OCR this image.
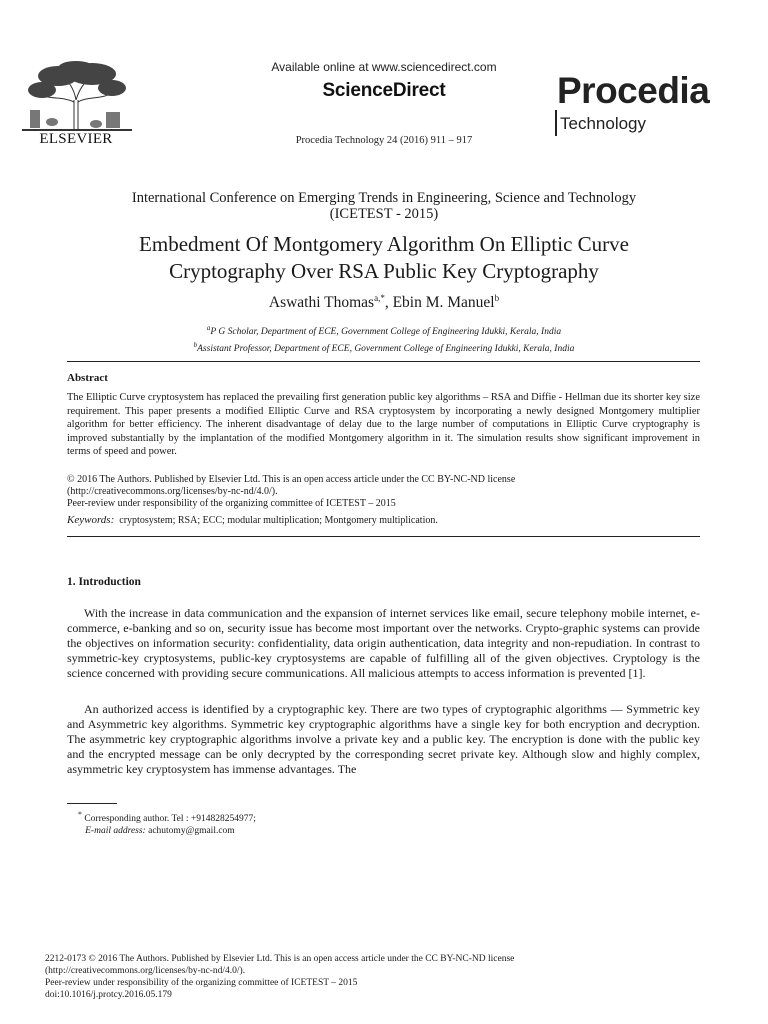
ELSEVIER
Available online at www.sciencedirect.com
ScienceDirect
Procedia Technology 24 (2016) 911 – 917
Procedia
Technology
International Conference on Emerging Trends in Engineering, Science and Technology
(ICETEST - 2015)
Embedment Of Montgomery Algorithm On Elliptic Curve
Cryptography Over RSA Public Key Cryptography
Aswathi Thomas$^{a,*}$, Ebin M. Manuel$^b$
$^a$P G Scholar, Department of ECE, Government College of Engineering Idukki, Kerala, India
$^b$Assistant Professor, Department of ECE, Government College of Engineering Idukki, Kerala, India
Abstract
The Elliptic Curve cryptosystem has replaced the prevailing first generation public key algorithms – RSA and Diffie - Hellman due its shorter key size requirement. This paper presents a modified Elliptic Curve and RSA cryptosystem by incorporating a newly designed Montgomery multiplier algorithm for better efficiency. The inherent disadvantage of delay due to the large number of computations in Elliptic Curve cryptography is improved substantially by the implantation of the modified Montgomery algorithm in it. The simulation results show significant improvement in terms of speed and power.
© 2016 The Authors. Published by Elsevier Ltd. This is an open access article under the CC BY-NC-ND license
(http://creativecommons.org/licenses/by-nc-nd/4.0/).
Peer-review under responsibility of the organizing committee of ICETEST – 2015
Keywords: cryptosystem; RSA; ECC; modular multiplication; Montgomery multiplication.
1. Introduction
With the increase in data communication and the expansion of internet services like email, secure telephony mobile internet, e-commerce, e-banking and so on, security issue has become most important over the networks. Crypto-graphic systems can provide the objectives on information security: confidentiality, data origin authentication, data integrity and non-repudiation. In contrast to symmetric-key cryptosystems, public-key cryptosystems are capable of fulfilling all of the given objectives. Cryptology is the science concerned with providing secure communications. All malicious attempts to access information is prevented [1].
An authorized access is identified by a cryptographic key. There are two types of cryptographic algorithms — Symmetric key and Asymmetric key algorithms. Symmetric key cryptographic algorithms have a single key for both encryption and decryption. The asymmetric key cryptographic algorithms involve a private key and a public key. The encryption is done with the public key and the encrypted message can be only decrypted by the corresponding secret private key. Although slow and highly complex, asymmetric key cryptosystem has immense advantages. The
* Corresponding author. Tel : +914828254977;
E-mail address: achutomy@gmail.com
2212-0173 © 2016 The Authors. Published by Elsevier Ltd. This is an open access article under the CC BY-NC-ND license
(http://creativecommons.org/licenses/by-nc-nd/4.0/).
Peer-review under responsibility of the organizing committee of ICETEST – 2015
doi:10.1016/j.protcy.2016.05.179
